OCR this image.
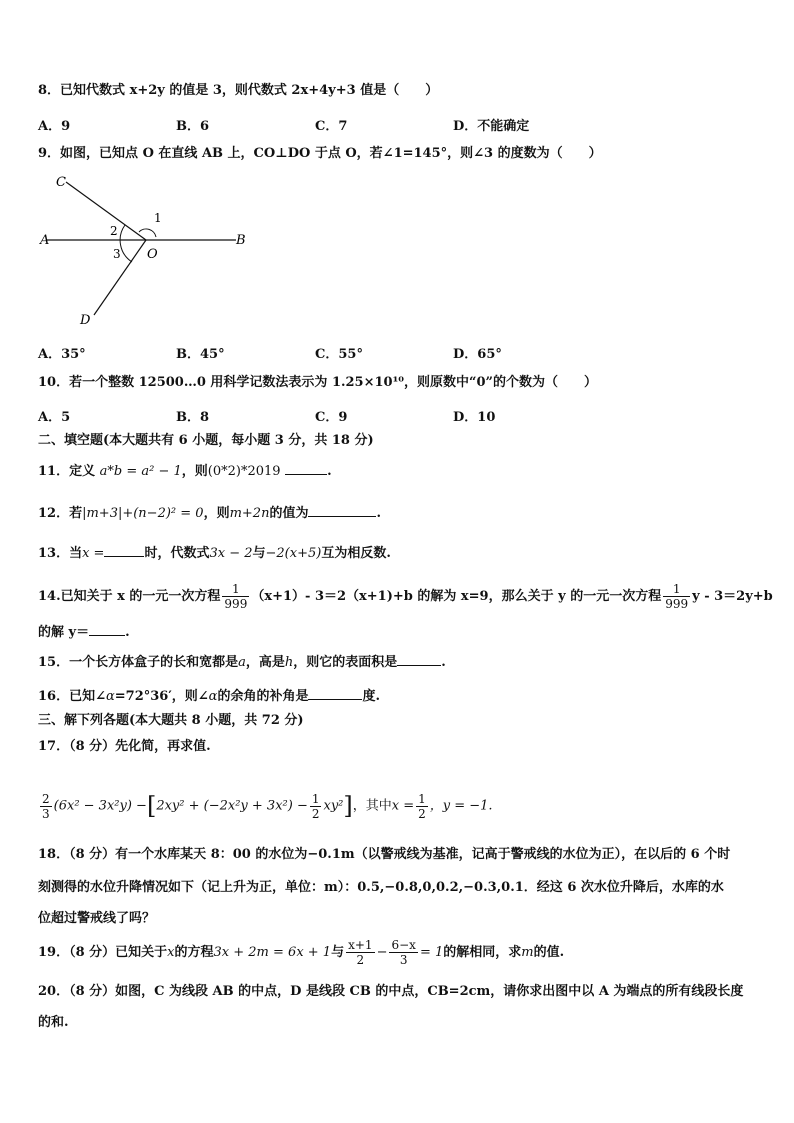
8．已知代数式 x+2y 的值是 3，则代数式 2x+4y+3 值是（　　）
A．9	B．6	C．7	D．不能确定
9．如图，已知点 O 在直线 AB 上，CO⊥DO 于点 O，若∠1=145°，则∠3 的度数为（　　）
C
A
O
B
D
1
2
3
A．35°	B．45°	C．55°	D．65°
10．若一个整数 12500…0 用科学记数法表示为 1.25×10¹⁰，则原数中“0”的个数为（　　）
A．5	B．8	C．9	D．10
二、填空题(本大题共有 6 小题，每小题 3 分，共 18 分)
11．定义 a*b = a² − 1，则(0*2)*2019	.
12．若|m+3|+(n−2)² = 0，则m+2n的值为	.
13．当x =	时，代数式3x − 2与−2(x+5)互为相反数.
14.已知关于 x 的一元一次方程 $\frac{1}{999} (x+1)-$ 3＝2（x+1)+b 的解为 x=9，那么关于 y 的一元一次方程 $\frac{1}{999}$ y - 3＝2y+b
的解 y＝	.
15．一个长方体盒子的长和宽都是a，高是h，则它的表面积是	.
16．已知∠α=72°36′，则∠α的余角的补角是	度.
三、解下列各题(本大题共 8 小题，共 72 分)
17．（8 分）先化简，再求值.
$\frac{2}{3} (6x^2 - 3x^2y) -[2xy^2 + (-2x^2y + 3x^2) - \frac{1}{2} xy^2]$，其中$x = \frac{1}{2}$ ，y = −1.
18．（8 分）有一个水库某天 8：00 的水位为−0.1m（以警戒线为基准，记高于警戒线的水位为正），在以后的 6 个时
刻测得的水位升降情况如下（记上升为正，单位：m）：0.5,−0.8,0,0.2,−0.3,0.1．经这 6 次水位升降后，水库的水
位超过警戒线了吗？
19．（8 分）已知关于x的方程3x + 2m = 6x + 1与 $\frac{x+1}{2} - \frac{6-x}{3} = 1$的解相同，求m的值.
20．（8 分）如图，C 为线段 AB 的中点，D 是线段 CB 的中点，CB=2cm，请你求出图中以 A 为端点的所有线段长度
的和.
